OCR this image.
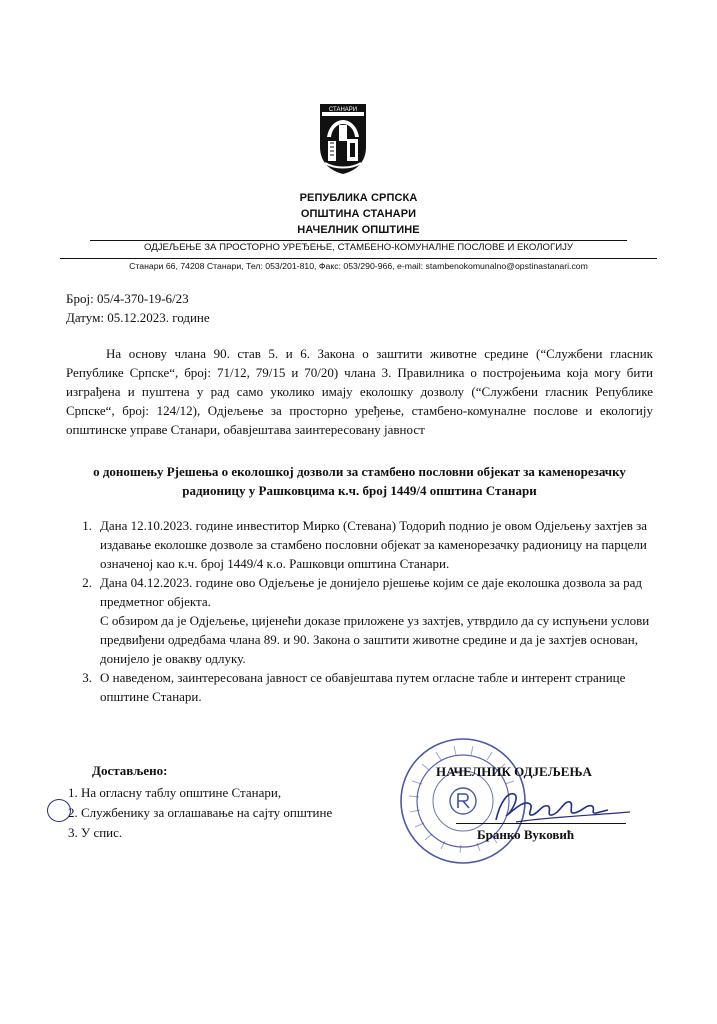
СТАНАРИ
РЕПУБЛИКА СРПСКА
ОПШТИНА СТАНАРИ
НАЧЕЛНИК ОПШТИНЕ
ОДЈЕЉЕЊЕ ЗА ПРОСТОРНО УРЕЂЕЊЕ, СТАМБЕНО-КОМУНАЛНЕ ПОСЛОВЕ И ЕКОЛОГИЈУ
Станари 66, 74208 Станари, Тел: 053/201-810, Факс: 053/290-966, e-mail: stambenokomunalno@opstinastanari.com
Број: 05/4-370-19-6/23
Датум: 05.12.2023. године
На основу члана 90. став 5. и 6. Закона о заштити животне средине (“Службени гласник Републике Српске“, број: 71/12, 79/15 и 70/20) члана 3. Правилника о постројењима која могу бити изграђена и пуштена у рад само уколико имају еколошку дозволу (“Службени гласник Републике Српске“, број: 124/12), Одјељење за просторно уређење, стамбено-комуналне послове и екологију општинске управе Станари, обавјештава заинтересовану јавност
о доношењу Рјешења о еколошкој дозволи за стамбено пословни објекат за каменорезачку радионицу у Рашковцима к.ч. број 1449/4 општина Станари
1. Дана 12.10.2023. године инвеститор Мирко (Стевана) Тодорић поднио је овом Одјељењу захтјев за издавање еколошке дозволе за стамбено пословни објекат за каменорезачку радионицу на парцели означеној као к.ч. број 1449/4 к.о. Рашковци општина Станари.

2. Дана 04.12.2023. године ово Одјељење је донијело рјешење којим се даје еколошка дозвола за рад предметног објекта.

С обзиром да је Одјељење, цијенећи доказе приложене уз захтјев, утврдило да су испуњени услови предвиђени одредбама члана 89. и 90. Закона о заштити животне средине и да је захтјев основан, донијело је овакву одлуку.

3. О наведеном, заинтересована јавност се обавјештава путем огласне табле и интерент странице општине Станари.

Достављено:
1. На огласну таблу општине Станари,
2. Службенику за оглашавање на сајту општине
3. У спис.
НАЧЕЛНИК ОДЈЕЉЕЊА
Бранко Вуковић
